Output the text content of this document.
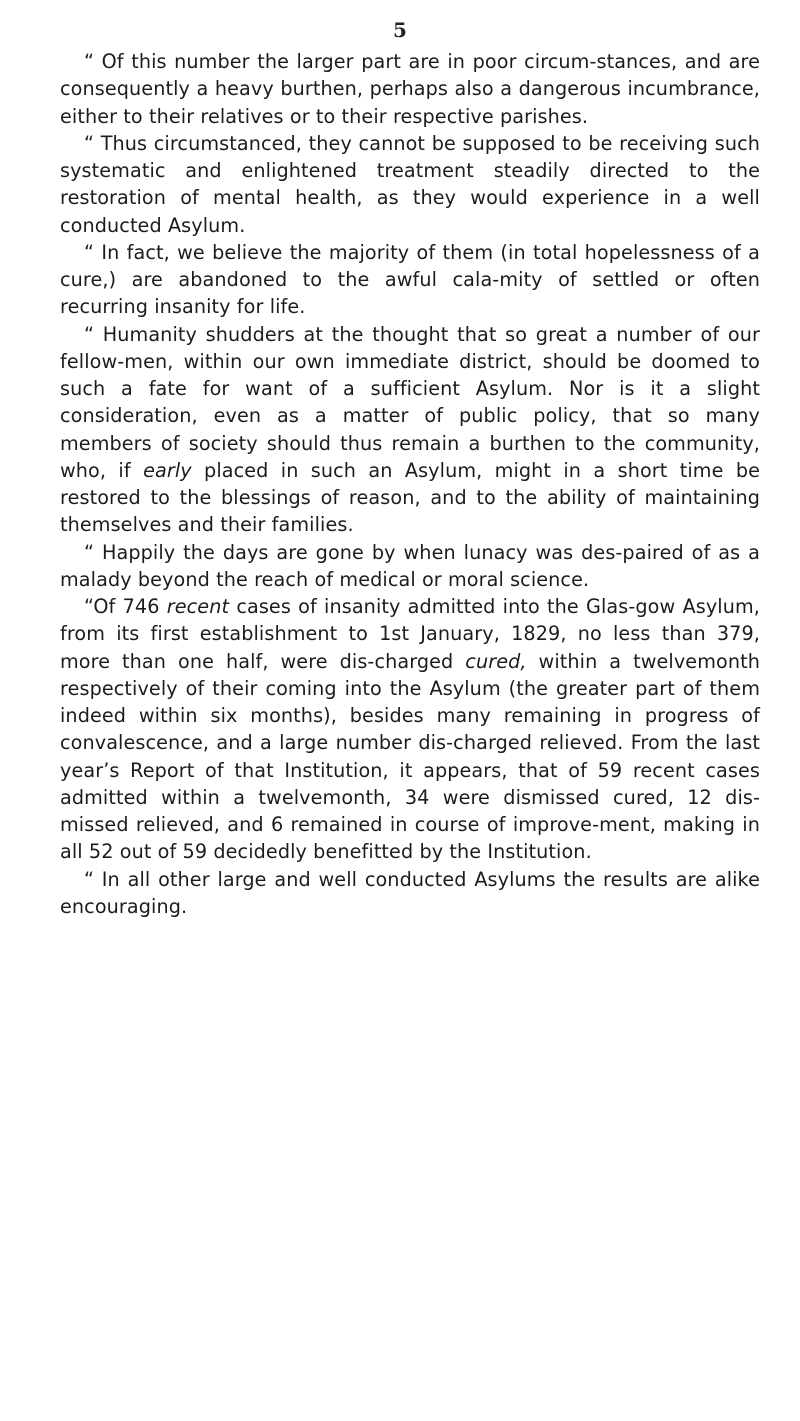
5

“ Of this number the larger part are in poor circum-stances, and are consequently a heavy burthen, perhaps also a dangerous incumbrance, either to their relatives or to their respective parishes.

“ Thus circumstanced, they cannot be supposed to be receiving such systematic and enlightened treatment steadily directed to the restoration of mental health, as they would experience in a well conducted Asylum.

“ In fact, we believe the majority of them (in total hopelessness of a cure,) are abandoned to the awful cala-mity of settled or often recurring insanity for life.

“ Humanity shudders at the thought that so great a number of our fellow-men, within our own immediate district, should be doomed to such a fate for want of a sufficient Asylum. Nor is it a slight consideration, even as a matter of public policy, that so many members of society should thus remain a burthen to the community, who, if early placed in such an Asylum, might in a short time be restored to the blessings of reason, and to the ability of maintaining themselves and their families.

“ Happily the days are gone by when lunacy was des-paired of as a malady beyond the reach of medical or moral science.

“Of 746 recent cases of insanity admitted into the Glas-gow Asylum, from its first establishment to 1st January, 1829, no less than 379, more than one half, were dis-charged cured, within a twelvemonth respectively of their coming into the Asylum (the greater part of them indeed within six months), besides many remaining in progress of convalescence, and a large number dis-charged relieved. From the last year’s Report of that Institution, it appears, that of 59 recent cases admitted within a twelvemonth, 34 were dismissed cured, 12 dis-missed relieved, and 6 remained in course of improve-ment, making in all 52 out of 59 decidedly benefitted by the Institution.

“ In all other large and well conducted Asylums the results are alike encouraging.
